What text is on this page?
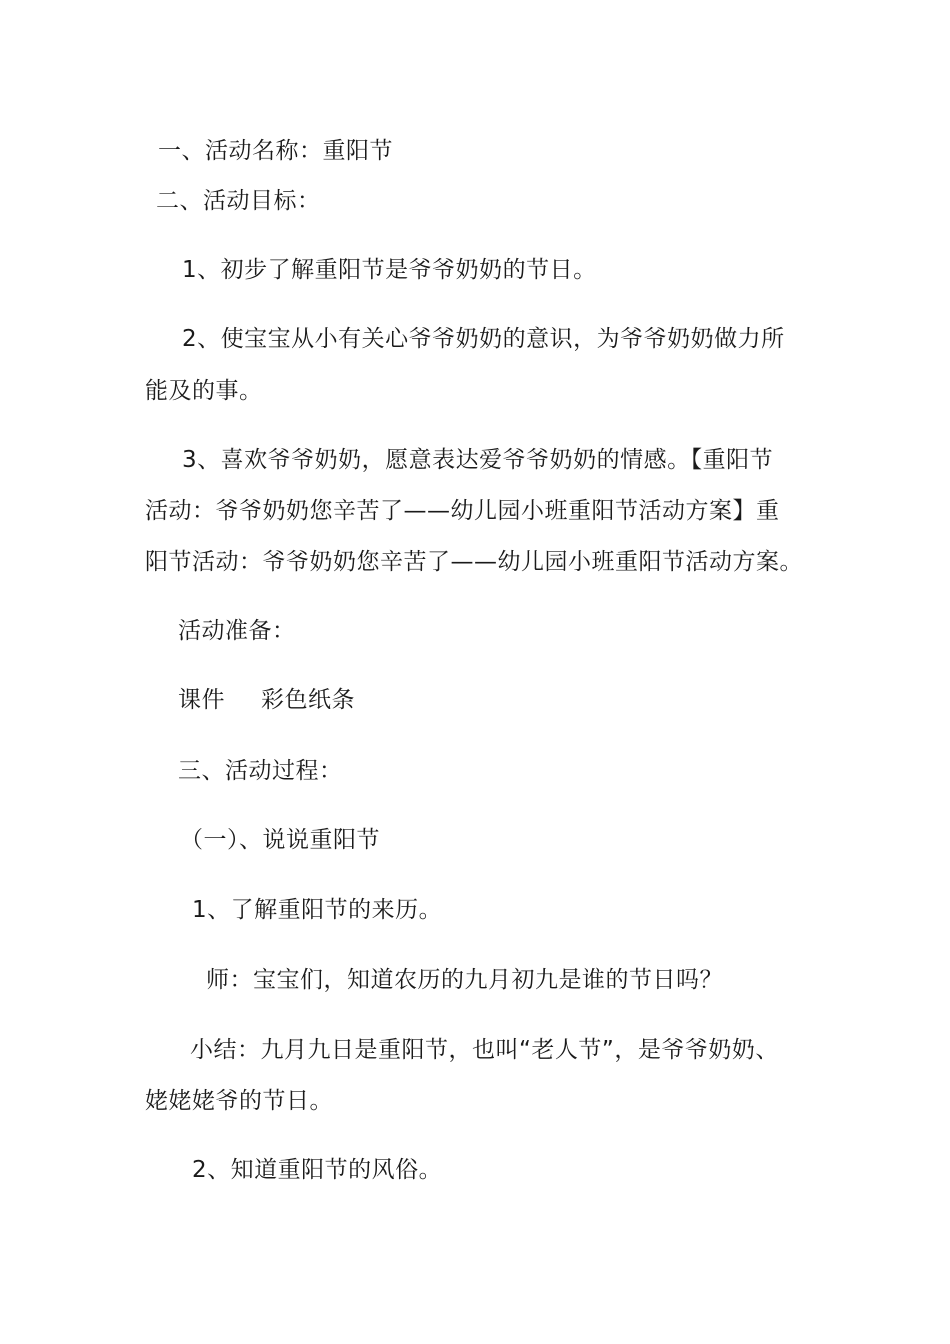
一、活动名称：重阳节
二、活动目标：
1、初步了解重阳节是爷爷奶奶的节日。
2、使宝宝从小有关心爷爷奶奶的意识，为爷爷奶奶做力所
能及的事。
3、喜欢爷爷奶奶，愿意表达爱爷爷奶奶的情感。【重阳节
活动：爷爷奶奶您辛苦了——幼儿园小班重阳节活动方案】重
阳节活动：爷爷奶奶您辛苦了——幼儿园小班重阳节活动方案。
活动准备：
课件 彩色纸条
三、活动过程：
（一）、说说重阳节
1、了解重阳节的来历。
师：宝宝们，知道农历的九月初九是谁的节日吗？
小结：九月九日是重阳节，也叫“老人节”，是爷爷奶奶、
姥姥姥爷的节日。
2、知道重阳节的风俗。
